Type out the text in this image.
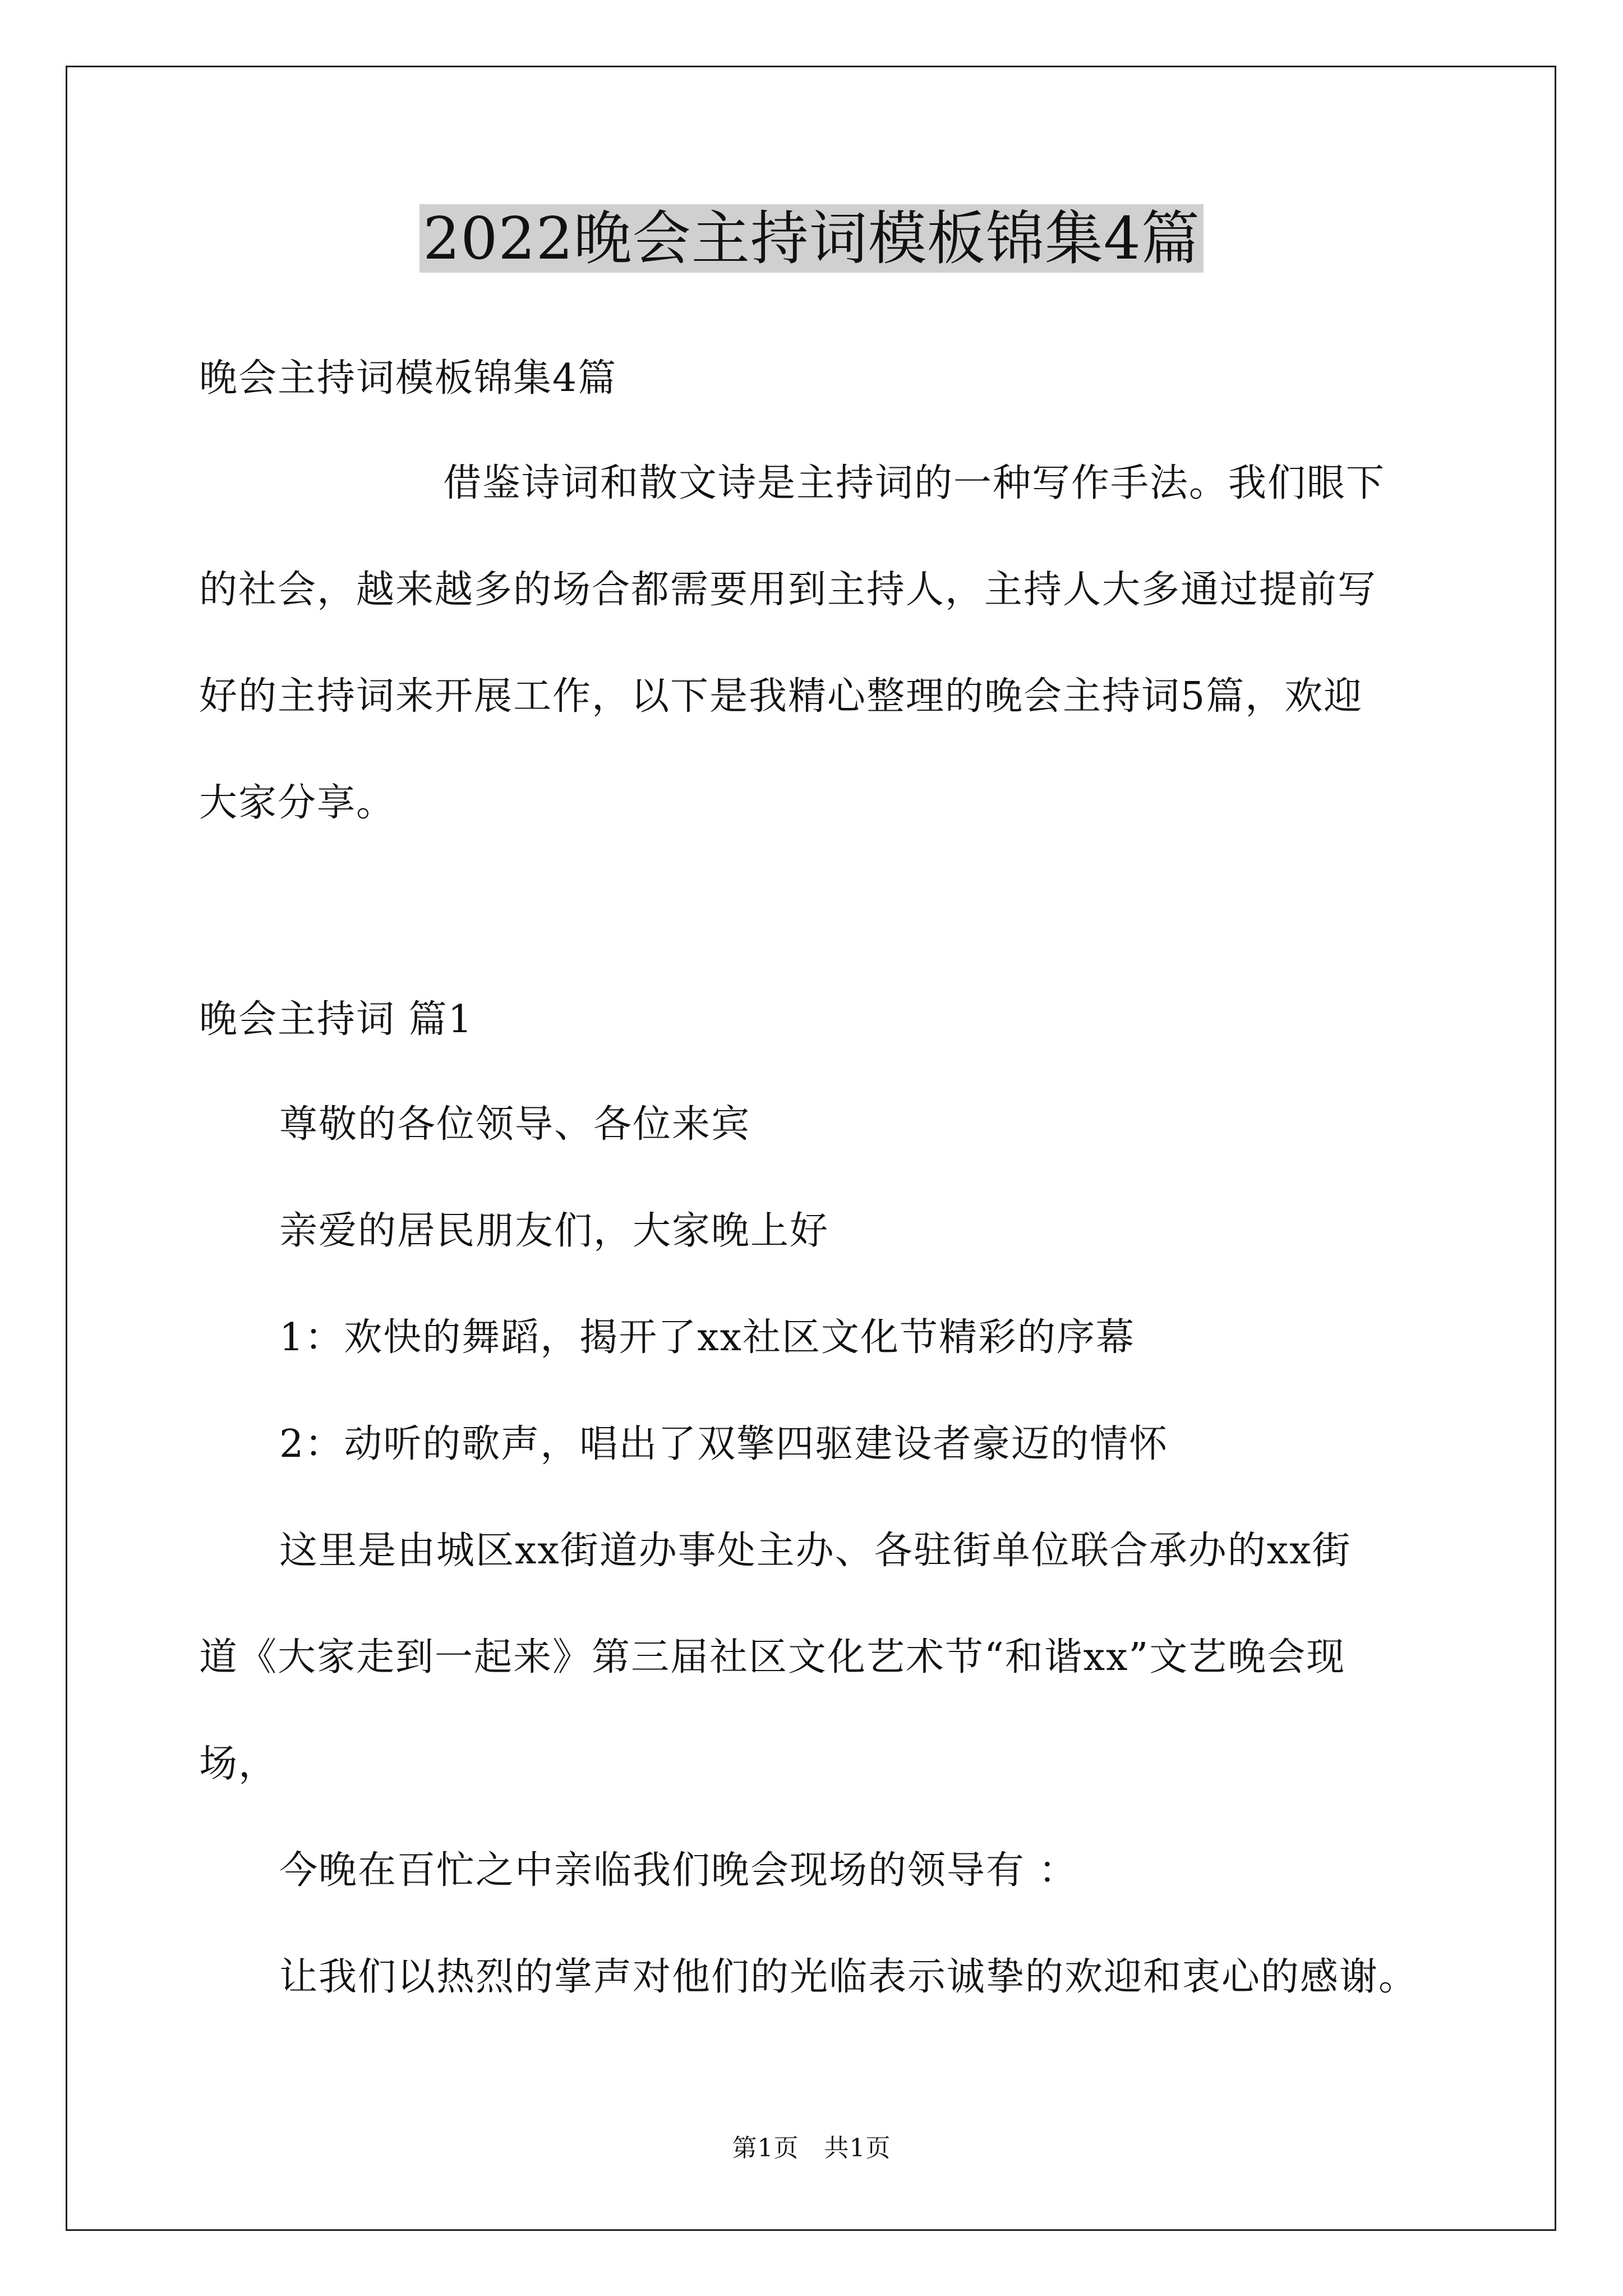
2022晚会主持词模板锦集4篇
晚会主持词模板锦集4篇
借鉴诗词和散文诗是主持词的一种写作手法。我们眼下
的社会，越来越多的场合都需要用到主持人，主持人大多通过提前写
好的主持词来开展工作，以下是我精心整理的晚会主持词5篇，欢迎
大家分享。
晚会主持词 篇1
尊敬的各位领导、各位来宾
亲爱的居民朋友们，大家晚上好
1：欢快的舞蹈，揭开了xx社区文化节精彩的序幕
2：动听的歌声，唱出了双擎四驱建设者豪迈的情怀
这里是由城区xx街道办事处主办、各驻街单位联合承办的xx街
道《大家走到一起来》第三届社区文化艺术节“和谐xx”文艺晚会现
场，
今晚在百忙之中亲临我们晚会现场的领导有 ：
让我们以热烈的掌声对他们的光临表示诚挚的欢迎和衷心的感谢。
第1页　共1页
